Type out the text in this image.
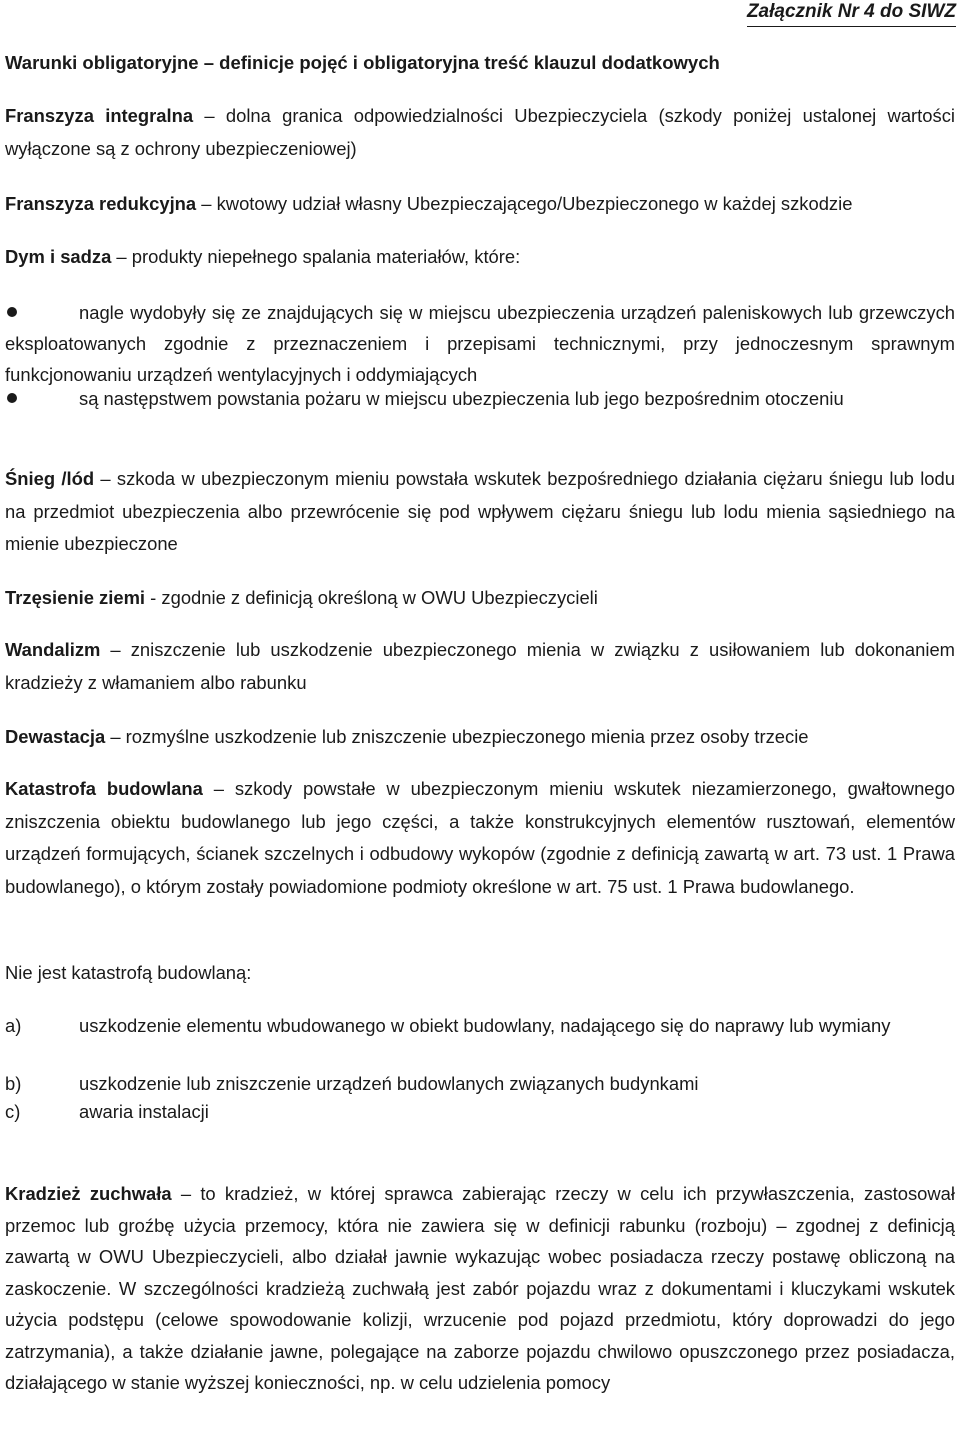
Załącznik Nr 4 do SIWZ
Warunki obligatoryjne – definicje pojęć i obligatoryjna treść klauzul dodatkowych
Franszyza integralna – dolna granica odpowiedzialności Ubezpieczyciela (szkody poniżej ustalonej wartości wyłączone są z ochrony ubezpieczeniowej)
Franszyza redukcyjna – kwotowy udział własny Ubezpieczającego/Ubezpieczonego w każdej szkodzie
Dym i sadza – produkty niepełnego spalania materiałów, które:
nagle wydobyły się ze znajdujących się w miejscu ubezpieczenia urządzeń paleniskowych lub grzewczych eksploatowanych zgodnie z przeznaczeniem i przepisami technicznymi, przy jednoczesnym sprawnym funkcjonowaniu urządzeń wentylacyjnych i oddymiających
są następstwem powstania pożaru w miejscu ubezpieczenia lub jego bezpośrednim otoczeniu
Śnieg /lód – szkoda w ubezpieczonym mieniu powstała wskutek bezpośredniego działania ciężaru śniegu lub lodu na przedmiot ubezpieczenia albo przewrócenie się pod wpływem ciężaru śniegu lub lodu mienia sąsiedniego na mienie ubezpieczone
Trzęsienie ziemi - zgodnie z definicją określoną w OWU Ubezpieczycieli
Wandalizm – zniszczenie lub uszkodzenie ubezpieczonego mienia w związku z usiłowaniem lub dokonaniem kradzieży z włamaniem albo rabunku
Dewastacja – rozmyślne uszkodzenie lub zniszczenie ubezpieczonego mienia przez osoby trzecie
Katastrofa budowlana – szkody powstałe w ubezpieczonym mieniu wskutek niezamierzonego, gwałtownego zniszczenia obiektu budowlanego lub jego części, a także konstrukcyjnych elementów rusztowań, elementów urządzeń formujących, ścianek szczelnych i odbudowy wykopów (zgodnie z definicją zawartą w art. 73 ust. 1 Prawa budowlanego), o którym zostały powiadomione podmioty określone w art. 75 ust. 1 Prawa budowlanego.
Nie jest katastrofą budowlaną:
a)	uszkodzenie elementu wbudowanego w obiekt budowlany, nadającego się do naprawy lub wymiany
b)	uszkodzenie lub zniszczenie urządzeń budowlanych związanych budynkami
c)	awaria instalacji
Kradzież zuchwała – to kradzież, w której sprawca zabierając rzeczy w celu ich przywłaszczenia, zastosował przemoc lub groźbę użycia przemocy, która nie zawiera się w definicji rabunku (rozboju) – zgodnej z definicją zawartą w OWU Ubezpieczycieli, albo działał jawnie wykazując wobec posiadacza rzeczy postawę obliczoną na zaskoczenie. W szczególności kradzieżą zuchwałą jest zabór pojazdu wraz z dokumentami i kluczykami wskutek użycia podstępu (celowe spowodowanie kolizji, wrzucenie pod pojazd przedmiotu, który doprowadzi do jego zatrzymania), a także działanie jawne, polegające na zaborze pojazdu chwilowo opuszczonego przez posiadacza, działającego w stanie wyższej konieczności, np. w celu udzielenia pomocy
